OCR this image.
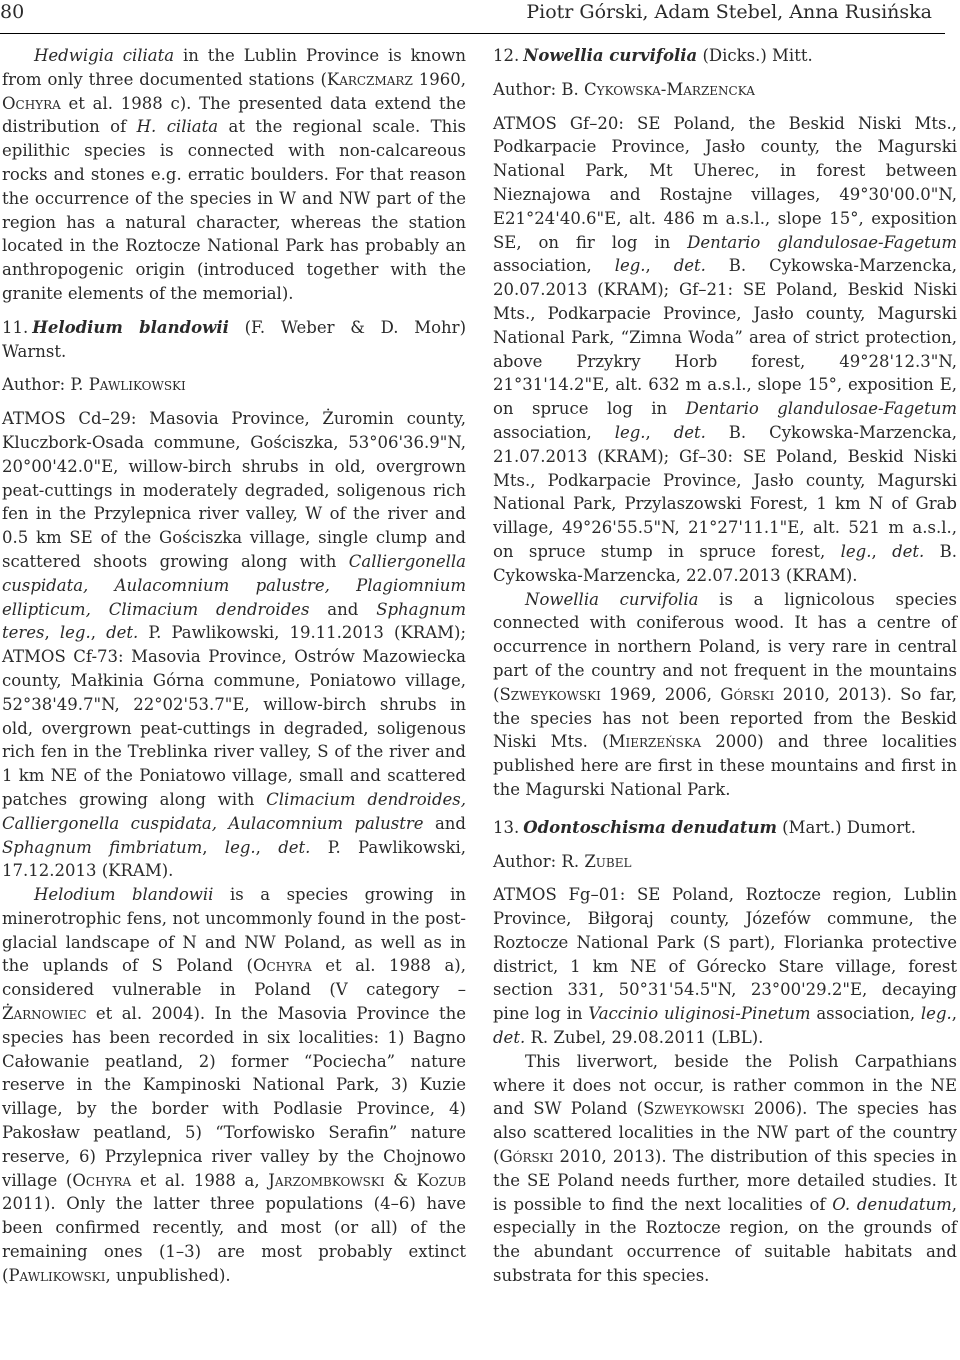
80	Piotr Górski, Adam Stebel, Anna Rusińska

Hedwigia ciliata in the Lublin Province is known from only three documented stations (Karczmarz 1960, Ochyra et al. 1988 c). The presented data extend the distribution of H. ciliata at the regional scale. This epilithic species is connected with non-calcareous rocks and stones e.g. erratic boulders. For that reason the occurrence of the species in W and NW part of the region has a natural character, whereas the station located in the Roztocze National Park has probably an anthropogenic origin (introduced together with the granite elements of the memorial).

11. Helodium blandowii (F. Weber & D. Mohr) Warnst.

Author: P. Pawlikowski

ATMOS Cd–29: Masovia Province, Żuromin county, Kluczbork-Osada commune, Gościszka, 53°06'36.9"N, 20°00'42.0"E, willow-birch shrubs in old, overgrown peat-cuttings in moderately degraded, soligenous rich fen in the Przylepnica river valley, W of the river and 0.5 km SE of the Gościszka village, single clump and scattered shoots growing along with Calliergonella cuspidata, Aulacomnium palustre, Plagiomnium ellipticum, Climacium dendroides and Sphagnum teres, leg., det. P. Pawlikowski, 19.11.2013 (KRAM); ATMOS Cf-73: Masovia Province, Ostrów Mazowiecka county, Małkinia Górna commune, Poniatowo village, 52°38'49.7"N, 22°02'53.7"E, willow-birch shrubs in old, overgrown peat-cuttings in degraded, soligenous rich fen in the Treblinka river valley, S of the river and 1 km NE of the Poniatowo village, small and scattered patches growing along with Climacium dendroides, Calliergonella cuspidata, Aulacomnium palustre and Sphagnum fimbriatum, leg., det. P. Pawlikowski, 17.12.2013 (KRAM).

Helodium blandowii is a species growing in minerotrophic fens, not uncommonly found in the post-glacial landscape of N and NW Poland, as well as in the uplands of S Poland (Ochyra et al. 1988 a), considered vulnerable in Poland (V category – Żarnowiec et al. 2004). In the Masovia Province the species has been recorded in six localities: 1) Bagno Całowanie peatland, 2) former “Pociecha” nature reserve in the Kampinoski National Park, 3) Kuzie village, by the border with Podlasie Province, 4) Pakosław peatland, 5) “Torfowisko Serafin” nature reserve, 6) Przylepnica river valley by the Chojnowo village (Ochyra et al. 1988 a, Jarzombkowski & Kozub 2011). Only the latter three populations (4–6) have been confirmed recently, and most (or all) of the remaining ones (1–3) are most probably extinct (Pawlikowski, unpublished).

12. Nowellia curvifolia (Dicks.) Mitt.

Author: B. Cykowska-Marzencka

ATMOS Gf–20: SE Poland, the Beskid Niski Mts., Podkarpacie Province, Jasło county, the Magurski National Park, Mt Uherec, in forest between Nieznajowa and Rostajne villages, 49°30'00.0"N, E21°24'40.6"E, alt. 486 m a.s.l., slope 15°, exposition SE, on fir log in Dentario glandulosae-Fagetum association, leg., det. B. Cykowska-Marzencka, 20.07.2013 (KRAM); Gf–21: SE Poland, Beskid Niski Mts., Podkarpacie Province, Jasło county, Magurski National Park, “Zimna Woda” area of strict protection, above Przykry Horb forest, 49°28'12.3"N, 21°31'14.2"E, alt. 632 m a.s.l., slope 15°, exposition E, on spruce log in Dentario glandulosae-Fagetum association, leg., det. B. Cykowska-Marzencka, 21.07.2013 (KRAM); Gf–30: SE Poland, Beskid Niski Mts., Podkarpacie Province, Jasło county, Magurski National Park, Przylaszowski Forest, 1 km N of Grab village, 49°26'55.5"N, 21°27'11.1"E, alt. 521 m a.s.l., on spruce stump in spruce forest, leg., det. B. Cykowska-Marzencka, 22.07.2013 (KRAM).

Nowellia curvifolia is a lignicolous species connected with coniferous wood. It has a centre of occurrence in northern Poland, is very rare in central part of the country and not frequent in the mountains (Szweykowski 1969, 2006, Górski 2010, 2013). So far, the species has not been reported from the Beskid Niski Mts. (Mierzeńska 2000) and three localities published here are first in these mountains and first in the Magurski National Park.

13. Odontoschisma denudatum (Mart.) Dumort.

Author: R. Zubel

ATMOS Fg–01: SE Poland, Roztocze region, Lublin Province, Biłgoraj county, Józefów commune, the Roztocze National Park (S part), Florianka protective district, 1 km NE of Górecko Stare village, forest section 331, 50°31'54.5"N, 23°00'29.2"E, decaying pine log in Vaccinio uliginosi-Pinetum association, leg., det. R. Zubel, 29.08.2011 (LBL).

This liverwort, beside the Polish Carpathians where it does not occur, is rather common in the NE and SW Poland (Szweykowski 2006). The species has also scattered localities in the NW part of the country (Górski 2010, 2013). The distribution of this species in the SE Poland needs further, more detailed studies. It is possible to find the next localities of O. denudatum, especially in the Roztocze region, on the grounds of the abundant occurrence of suitable habitats and substrata for this species.
